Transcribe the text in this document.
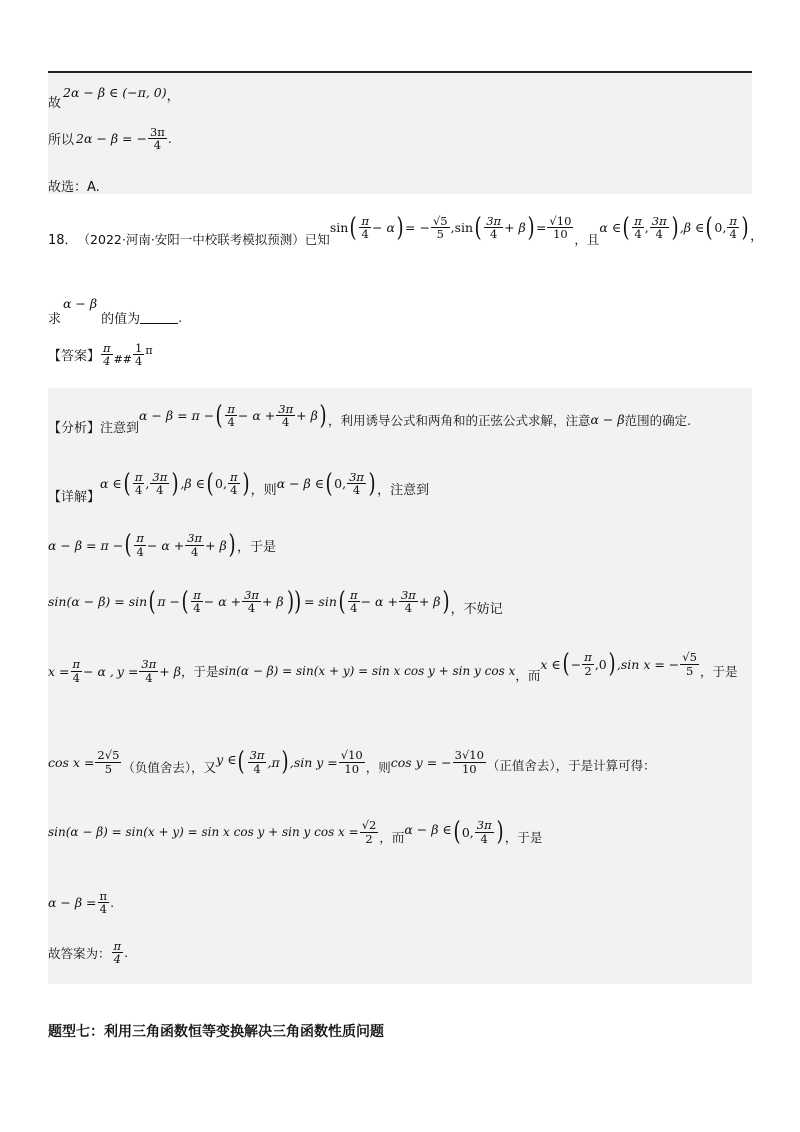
故
2α − β ∈ (−π, 0) ，
所以 2α − β = − $\frac{3\pi}{4}$ .
故选：A.
18． （2022·河南·安阳一中校联考模拟预测）已知
sin ( $\frac{\pi}{4} - \alpha$ ) = − $\frac{√5}{5} ,\sin$ ( $\frac{3\pi}{4} + \beta$ ) = $\frac{√10}{10}$ ，且
α ∈ ( $\frac{\pi}{4}$ , $\frac{3\pi}{4}$ ) ,β ∈ ( 0, $\frac{\pi}{4}$ ) ，
求
α − β
的值为	.
【答案】 $\frac{\pi}{4}$ ## $\frac{1}{4}$ π
【分析】注意到
α − β = π − ( $\frac{\pi}{4} - \alpha + \frac{3\pi}{4} + \beta$ ) ，利用诱导公式和两角和的正弦公式求解，注意 α − β 范围的确定.
【详解】
α ∈ ( $\frac{\pi}{4}$ , $\frac{3\pi}{4}$ ) ,β ∈ ( 0, $\frac{\pi}{4}$ ) ，则 α − β ∈ ( 0, $\frac{3\pi}{4}$ ) ，注意到
α − β = π − ( $\frac{\pi}{4} - \alpha + \frac{3\pi}{4} + \beta$ ) ，于是
sin(α − β) = sin ( π − ( $\frac{\pi}{4} - \alpha + \frac{3\pi}{4} + \beta$ )) = sin ( $\frac{\pi}{4} - \alpha + \frac{3\pi}{4} + \beta$ ) ，不妨记
$x = \frac{\pi}{4} - \alpha$ , $y = \frac{3\pi}{4} + \beta$ ，于是 sin(α − β) = sin(x + y) = sin x cos y + sin y cos x ，而
x ∈ ( − $\frac{\pi}{2} ,0$ ) ,sin x = − $\frac{√5}{5}$ ，于是
$\cos x = \frac{2√5}{5}$ （负值舍去），又
y ∈ ( $\frac{3\pi}{4} ,\pi$ ) ,sin $y = \frac{√10}{10}$ ，则 cos y = − $\frac{3√10}{10}$ （正值舍去），于是计算可得：
sin(α − β) = sin(x + y) = sin x cos y + sin y $\cos x = \frac{√2}{2}$ ，而
α − β ∈ ( 0, $\frac{3\pi}{4}$ ) ，于是
$\alpha - \beta = \frac{\pi}{4}$ .
故答案为： $\frac{\pi}{4}$ .
题型七：利用三角函数恒等变换解决三角函数性质问题
